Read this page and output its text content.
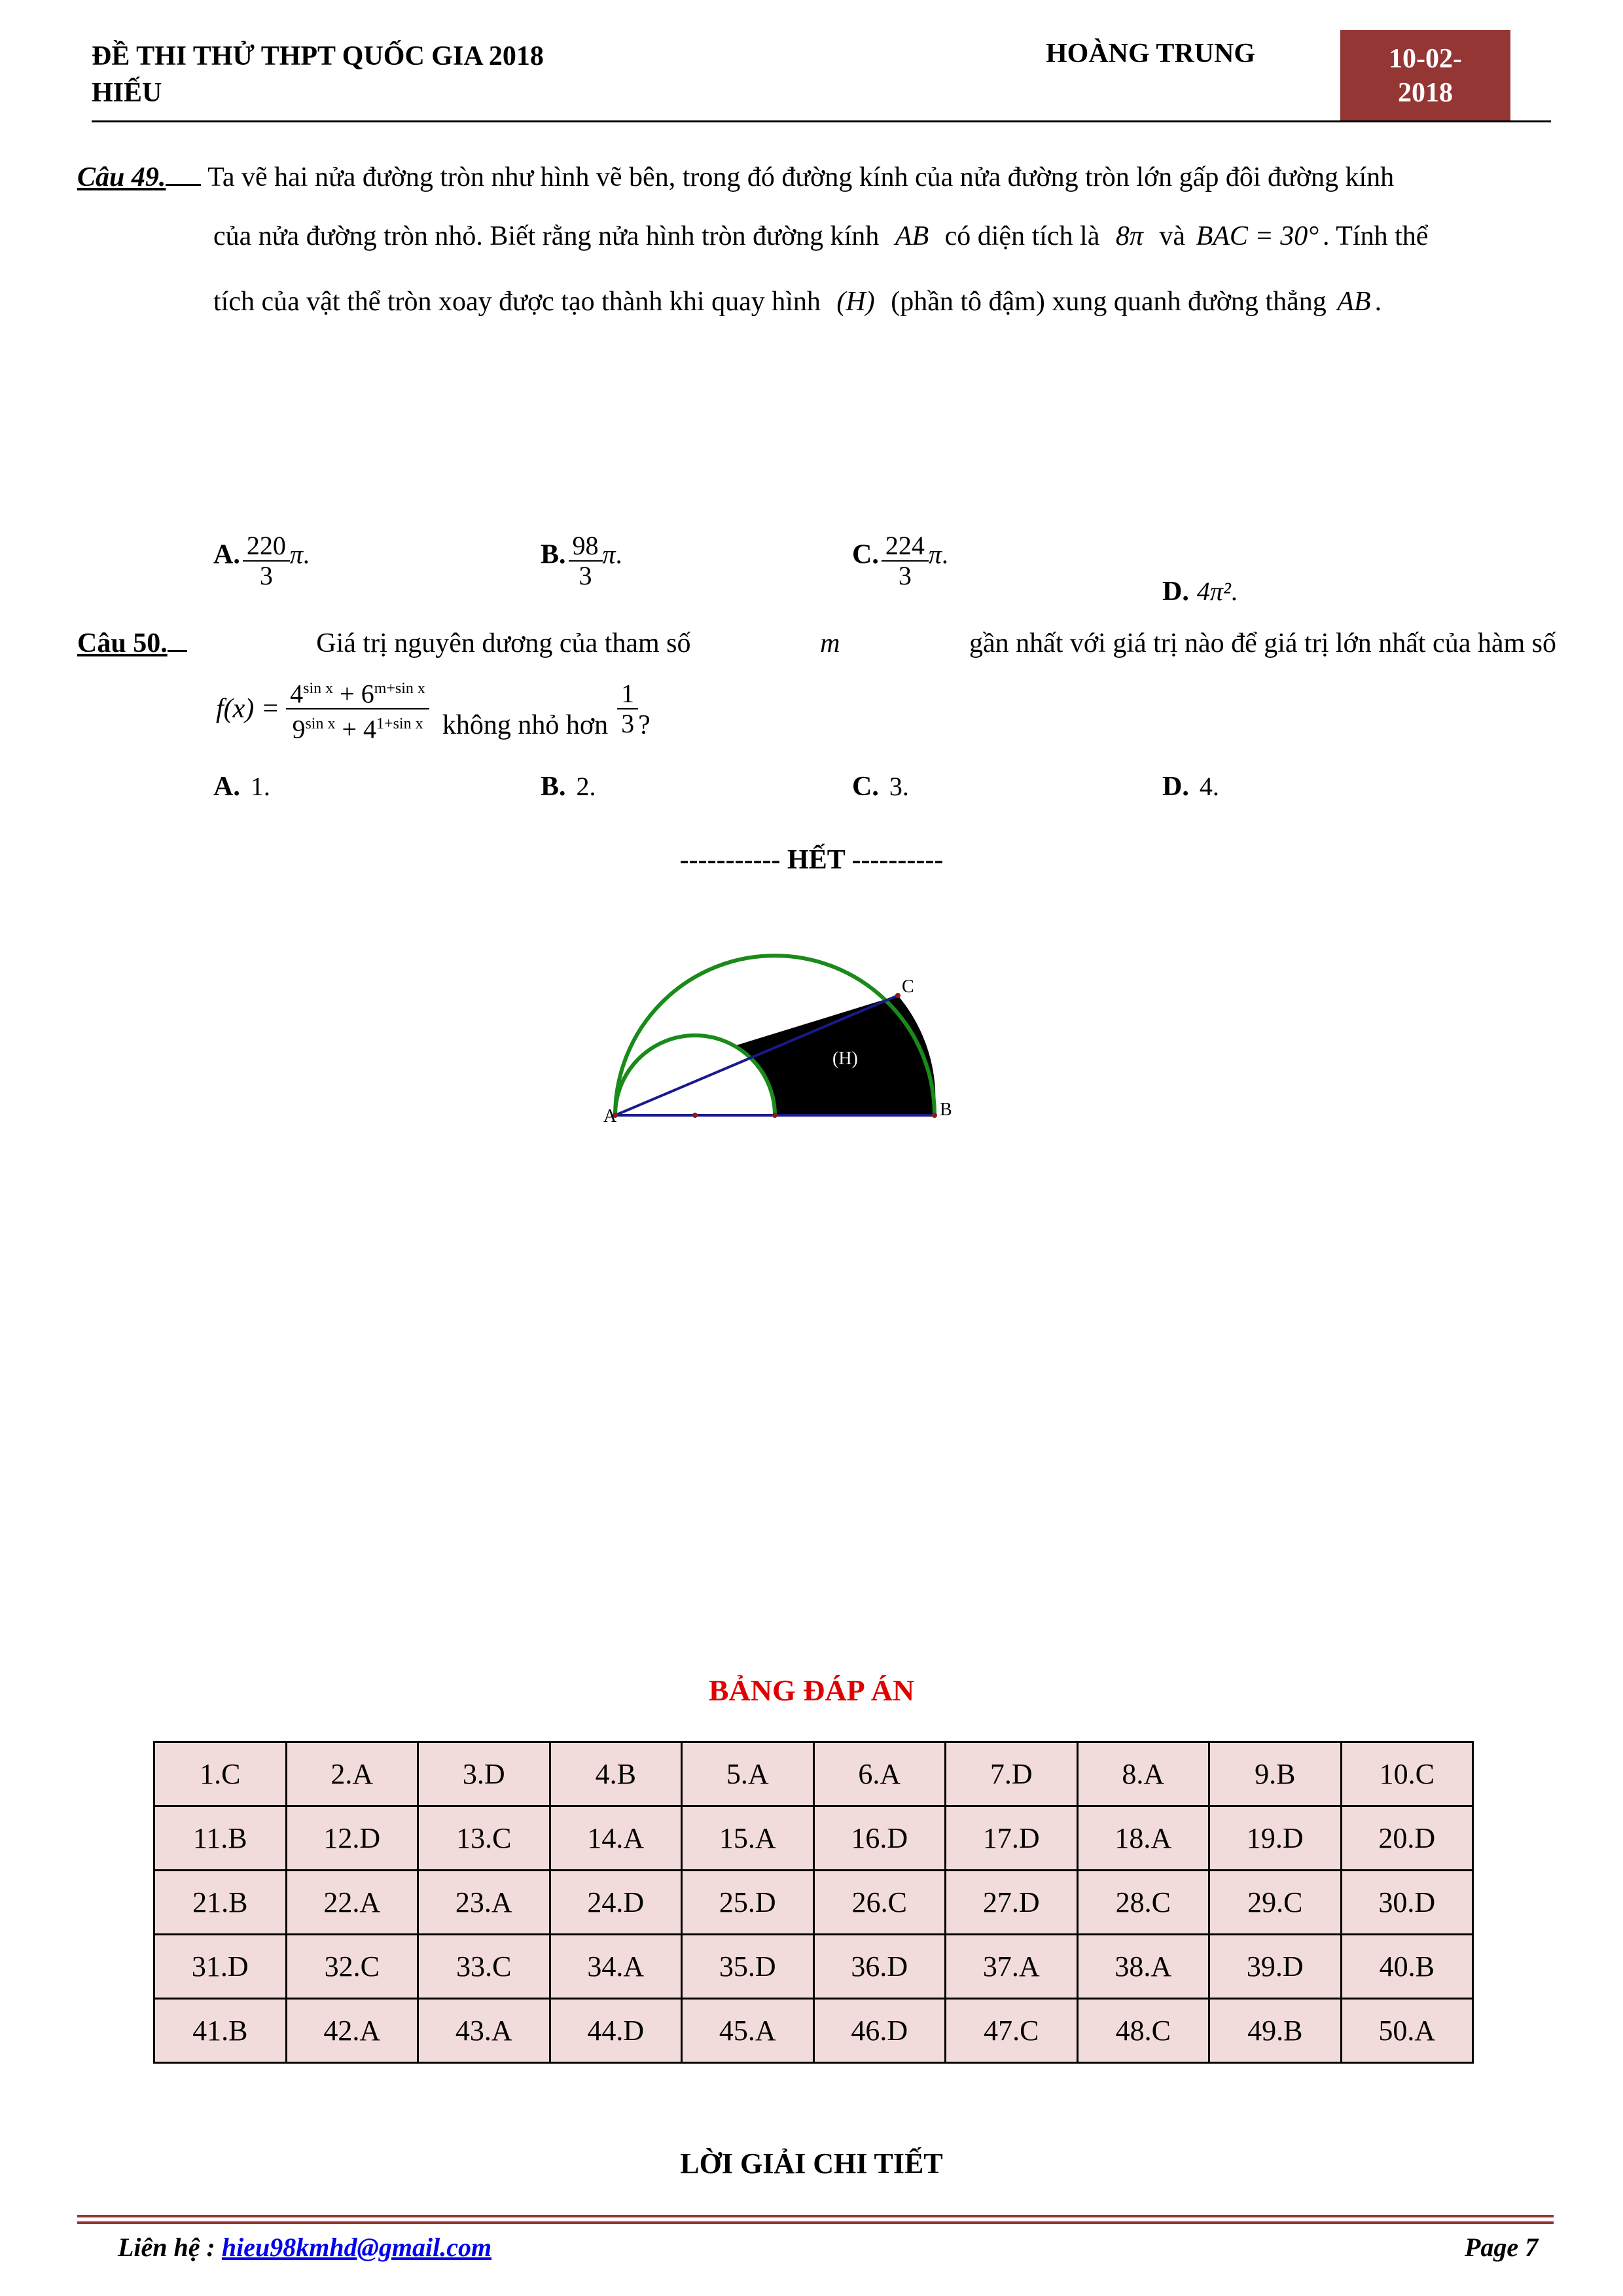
ĐỀ THI THỬ THPT QUỐC GIA 2018
HIẾU
HOÀNG TRUNG	10-02-
2018
Câu 49. Ta vẽ hai nửa đường tròn như hình vẽ bên, trong đó đường kính của nửa đường tròn lớn gấp đôi đường kính
của nửa đường tròn nhỏ. Biết rằng nửa hình tròn đường kính AB có diện tích là 8π và BAC = 30° . Tính thể
tích của vật thể tròn xoay được tạo thành khi quay hình (H) (phần tô đậm) xung quanh đường thẳng AB .
A. $\frac{220}{3} \pi$.	B. $\frac{98}{3} \pi$.	C. $\frac{224}{3} \pi$.
D. 4π².
Câu 50.	Giá trị nguyên dương của tham số	m	gần nhất với giá trị nào để giá trị lớn nhất của hàm số
$f(x) = \frac{4^{sin x} + 6^{m+sin x}}{9^{sin x} + 4^{1+sin x}}$ không nhỏ hơn $\frac{1}{3}$ ?
A. 1.	B. 2.	C. 3.	D. 4.
----------- HẾT ----------
A	B
C
(H)
BẢNG ĐÁP ÁN
1.C	2.A	3.D	4.B	5.A	6.A	7.D	8.A	9.B	10.C
11.B	12.D	13.C	14.A	15.A	16.D	17.D	18.A	19.D	20.D
21.B	22.A	23.A	24.D	25.D	26.C	27.D	28.C	29.C	30.D
31.D	32.C	33.C	34.A	35.D	36.D	37.A	38.A	39.D	40.B
41.B	42.A	43.A	44.D	45.A	46.D	47.C	48.C	49.B	50.A
LỜI GIẢI CHI TIẾT
Liên hệ : hieu98kmhd@gmail.com	Page 7
